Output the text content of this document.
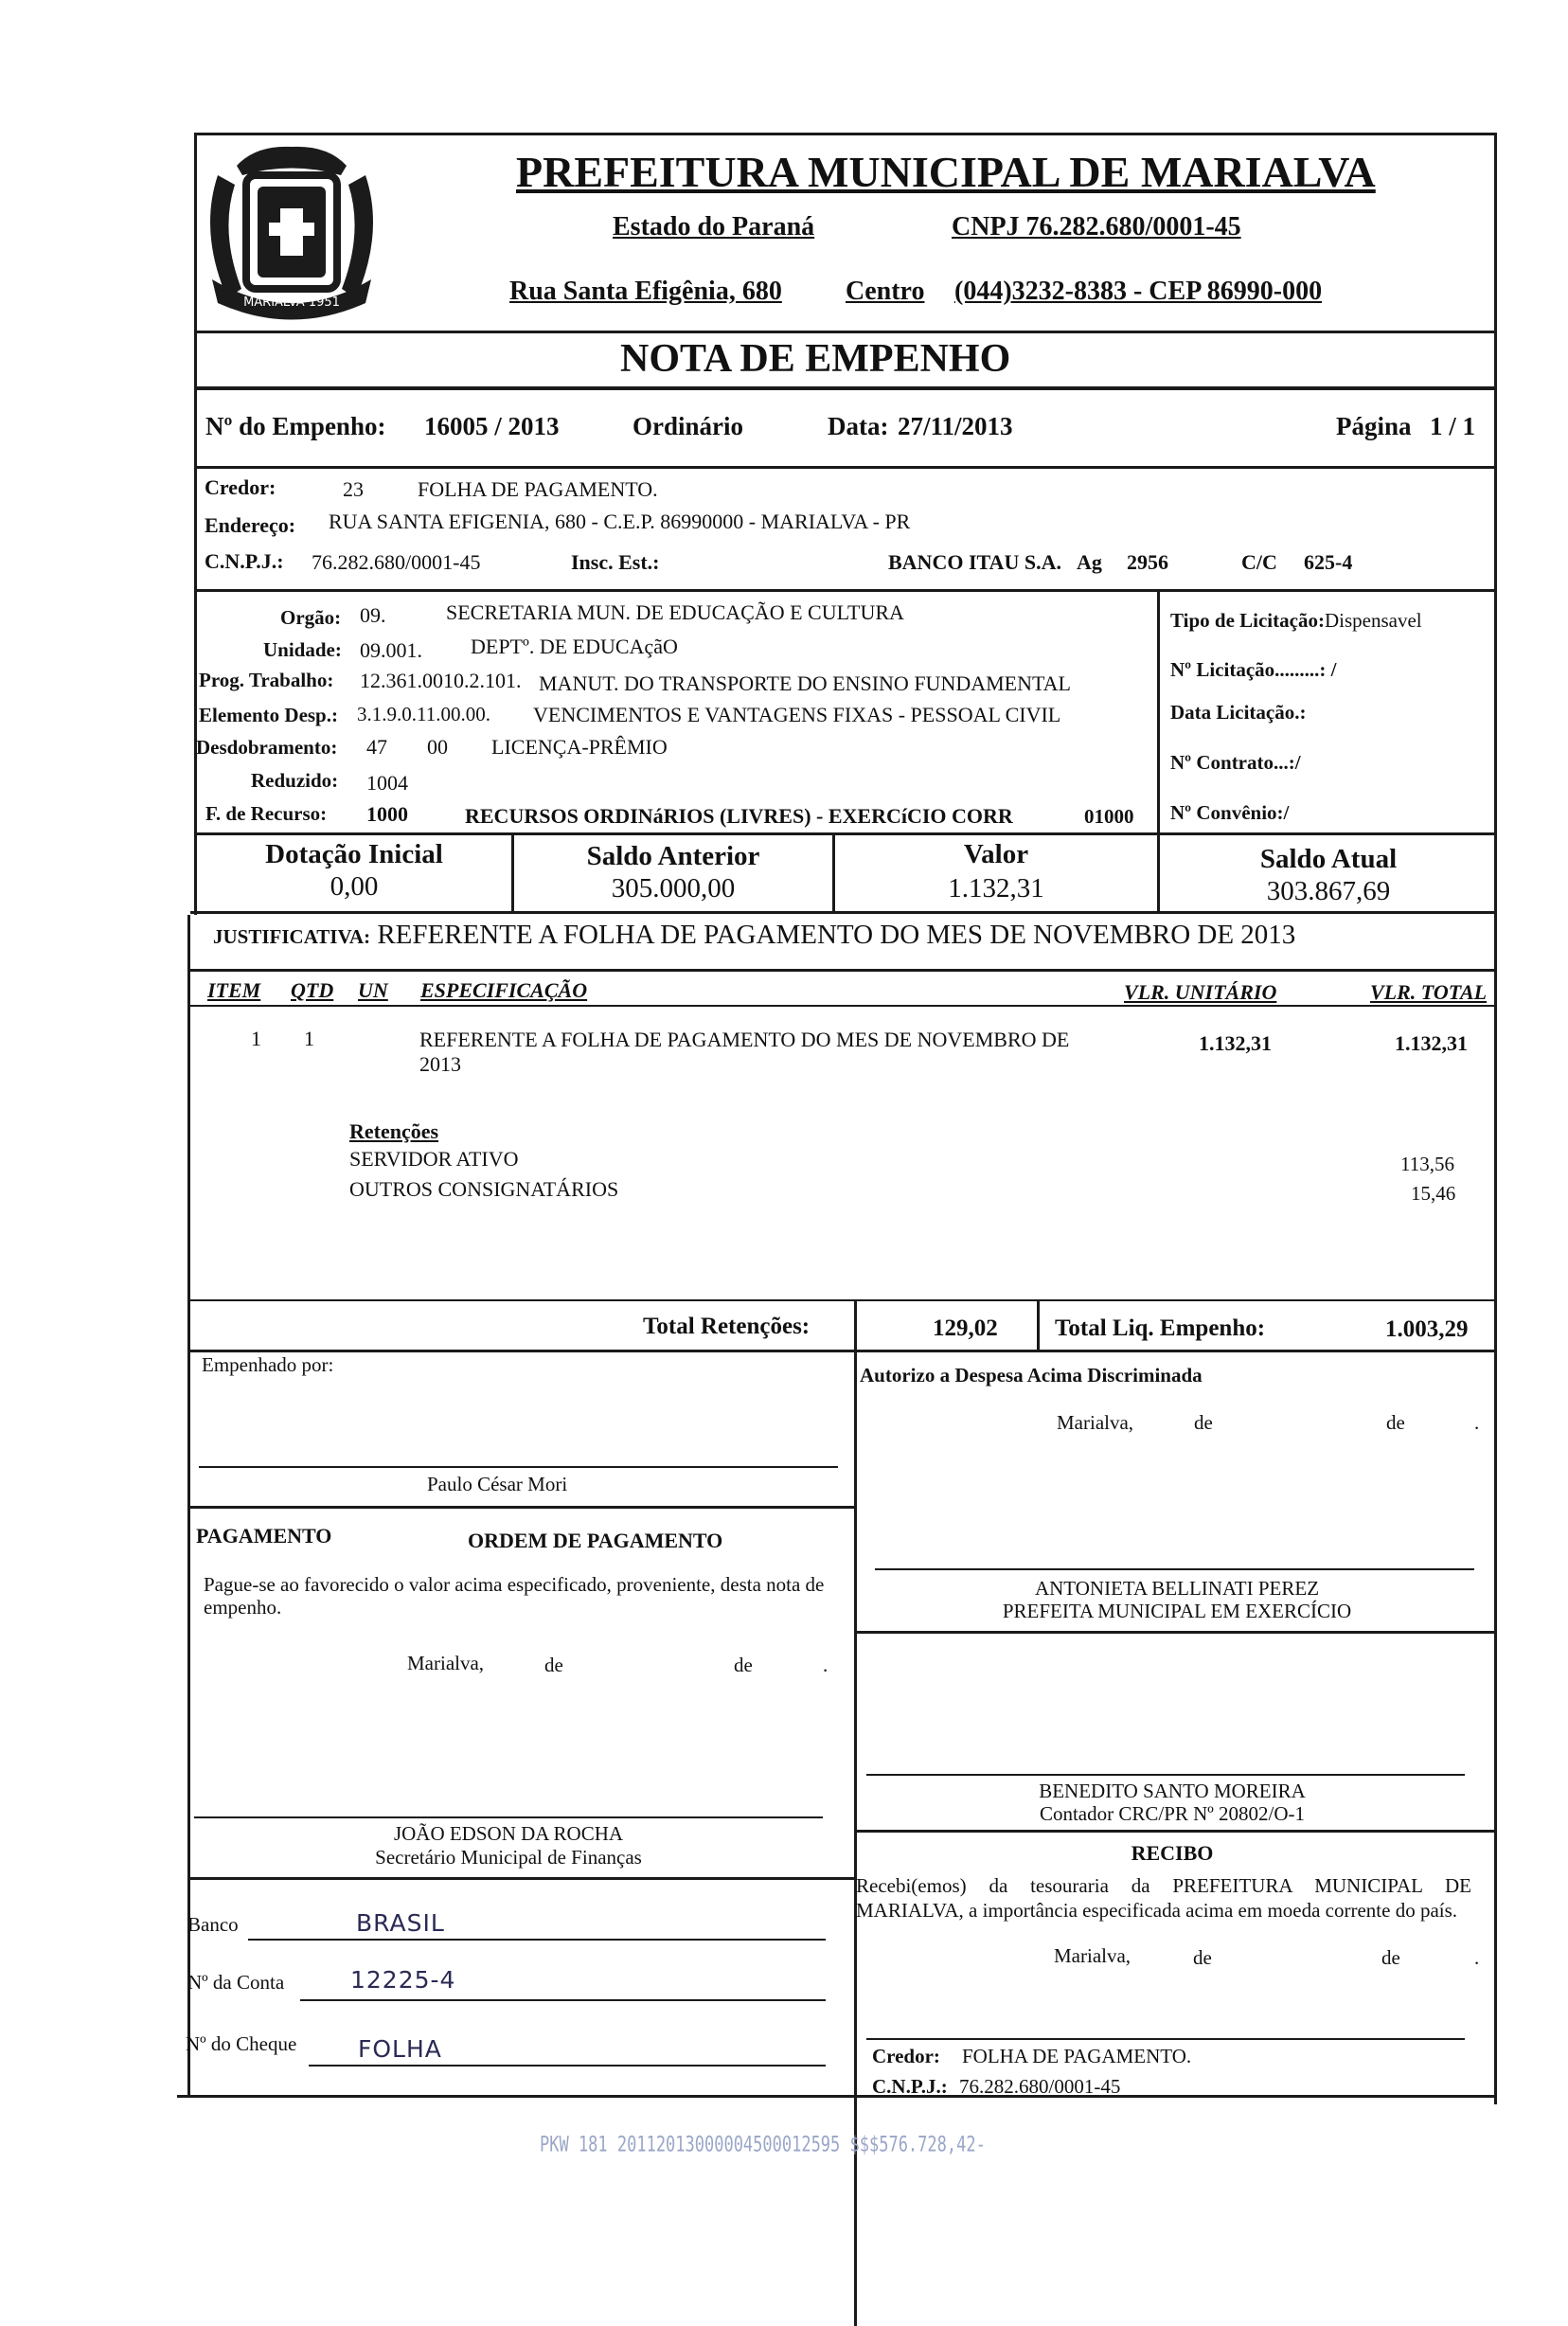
MARIALVA 1951
PREFEITURA MUNICIPAL DE MARIALVA
Estado do Paraná	CNPJ 76.282.680/0001-45
Rua Santa Efigênia, 680 Centro (044)3232-8383 - CEP 86990-000
NOTA DE EMPENHO
Nº do Empenho: 16005 / 2013	Ordinário	Data: 27/11/2013	Página 1 / 1
Credor:	23	FOLHA DE PAGAMENTO.
Endereço: RUA SANTA EFIGENIA, 680 - C.E.P. 86990000 - MARIALVA - PR
C.N.P.J.: 76.282.680/0001-45	Insc. Est.:	BANCO ITAU S.A. Ag 2956	C/C 625-4
Orgão: 09.	SECRETARIA MUN. DE EDUCAÇÃO E CULTURA
Unidade: 09.001. DEPTº. DE EDUCAçãO
Prog. Trabalho: 12.361.0010.2.101. MANUT. DO TRANSPORTE DO ENSINO FUNDAMENTAL
Elemento Desp.: 3.1.9.0.11.00.00. VENCIMENTOS E VANTAGENS FIXAS - PESSOAL CIVIL
Desdobramento: 47 00 LICENÇA-PRÊMIO
Reduzido: 1004
F. de Recurso: 1000	RECURSOS ORDINáRIOS (LIVRES) - EXERCíCIO CORR	01000
Tipo de Licitação:Dispensavel
Nº Licitação.........: /
Data Licitação.:
Nº Contrato...:/
Nº Convênio:/
Dotação Inicial
0,00
Saldo Anterior
305.000,00
Valor
1.132,31
Saldo Atual
303.867,69
JUSTIFICATIVA: REFERENTE A FOLHA DE PAGAMENTO DO MES DE NOVEMBRO DE 2013
ITEM QTD UN ESPECIFICAÇÃO	VLR. UNITÁRIO	VLR. TOTAL
1 1	REFERENTE A FOLHA DE PAGAMENTO DO MES DE NOVEMBRO DE
2013
1.132,31	1.132,31
Retenções
SERVIDOR ATIVO	113,56
OUTROS CONSIGNATÁRIOS	15,46
Total Retenções:	129,02 Total Liq. Empenho:	1.003,29
Empenhado por:
Paulo César Mori
PAGAMENTO	ORDEM DE PAGAMENTO
Pague-se ao favorecido o valor acima especificado, proveniente, desta nota de empenho.
Marialva,	de	de	.
JOÃO EDSON DA ROCHA
Secretário Municipal de Finanças
Banco	BRASIL
Nº da Conta	12225-4
Nº do Cheque	FOLHA
Autorizo a Despesa Acima Discriminada
Marialva,	de	de	.
ANTONIETA BELLINATI PEREZ
PREFEITA MUNICIPAL EM EXERCÍCIO
BENEDITO SANTO MOREIRA
Contador CRC/PR Nº 20802/O-1
RECIBO
Recebi(emos) da tesouraria da PREFEITURA MUNICIPAL DE MARIALVA, a importância especificada acima em moeda corrente do país.
Marialva,	de	de	.
Credor: FOLHA DE PAGAMENTO.
C.N.P.J.: 76.282.680/0001-45
PKW 181 20112013000004500012595 $$$576.728,42-
